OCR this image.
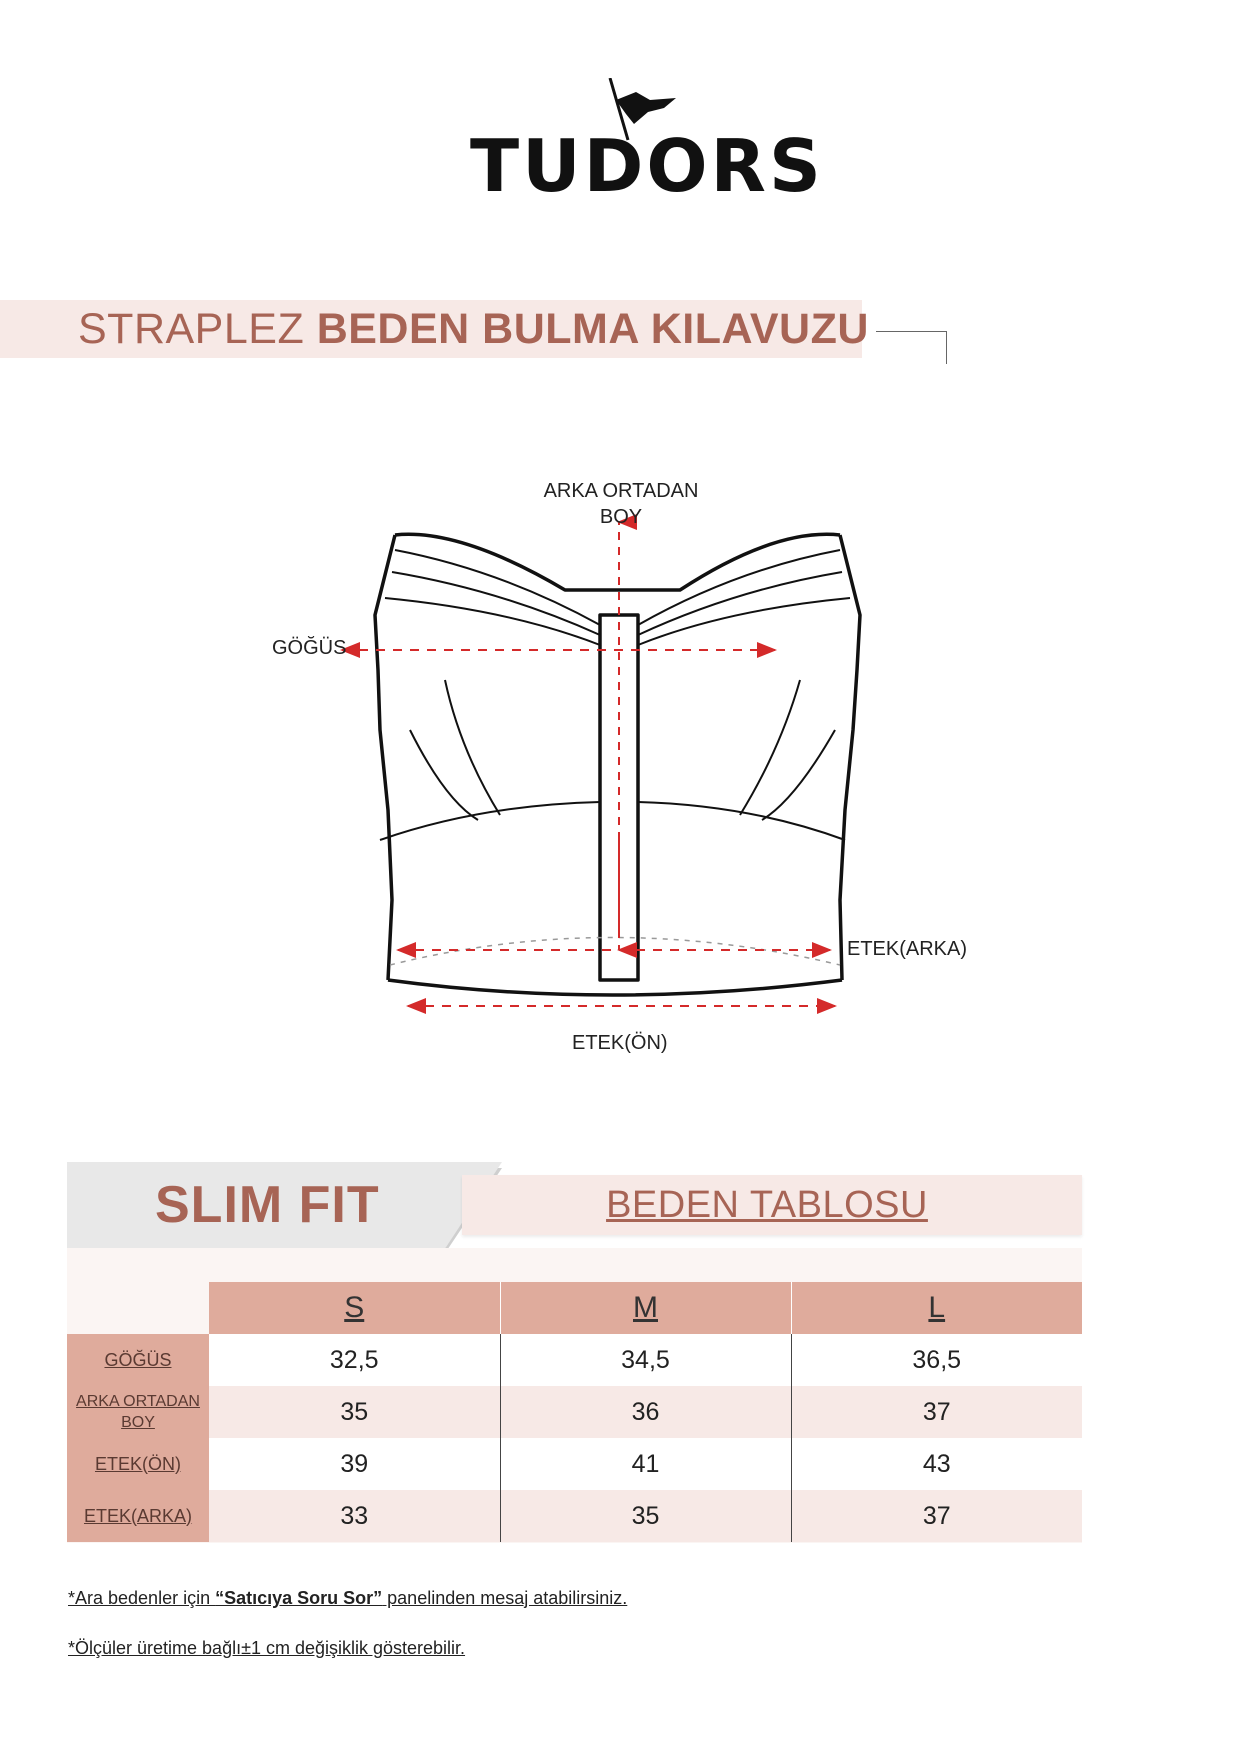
TUDORS
STRAPLEZ BEDEN BULMA KILAVUZU
ARKA ORTADAN
BOY
GÖĞÜS
ETEK(ARKA)
ETEK(ÖN)
SLIM FIT	BEDEN TABLOSU
	S	M	L
GÖĞÜS	32,5	34,5	36,5
ARKA ORTADAN BOY	35	36	37
ETEK(ÖN)	39	41	43
ETEK(ARKA)	33	35	37
*Ara bedenler için “Satıcıya Soru Sor” panelinden mesaj atabilirsiniz.
*Ölçüler üretime bağlı±1 cm değişiklik gösterebilir.
